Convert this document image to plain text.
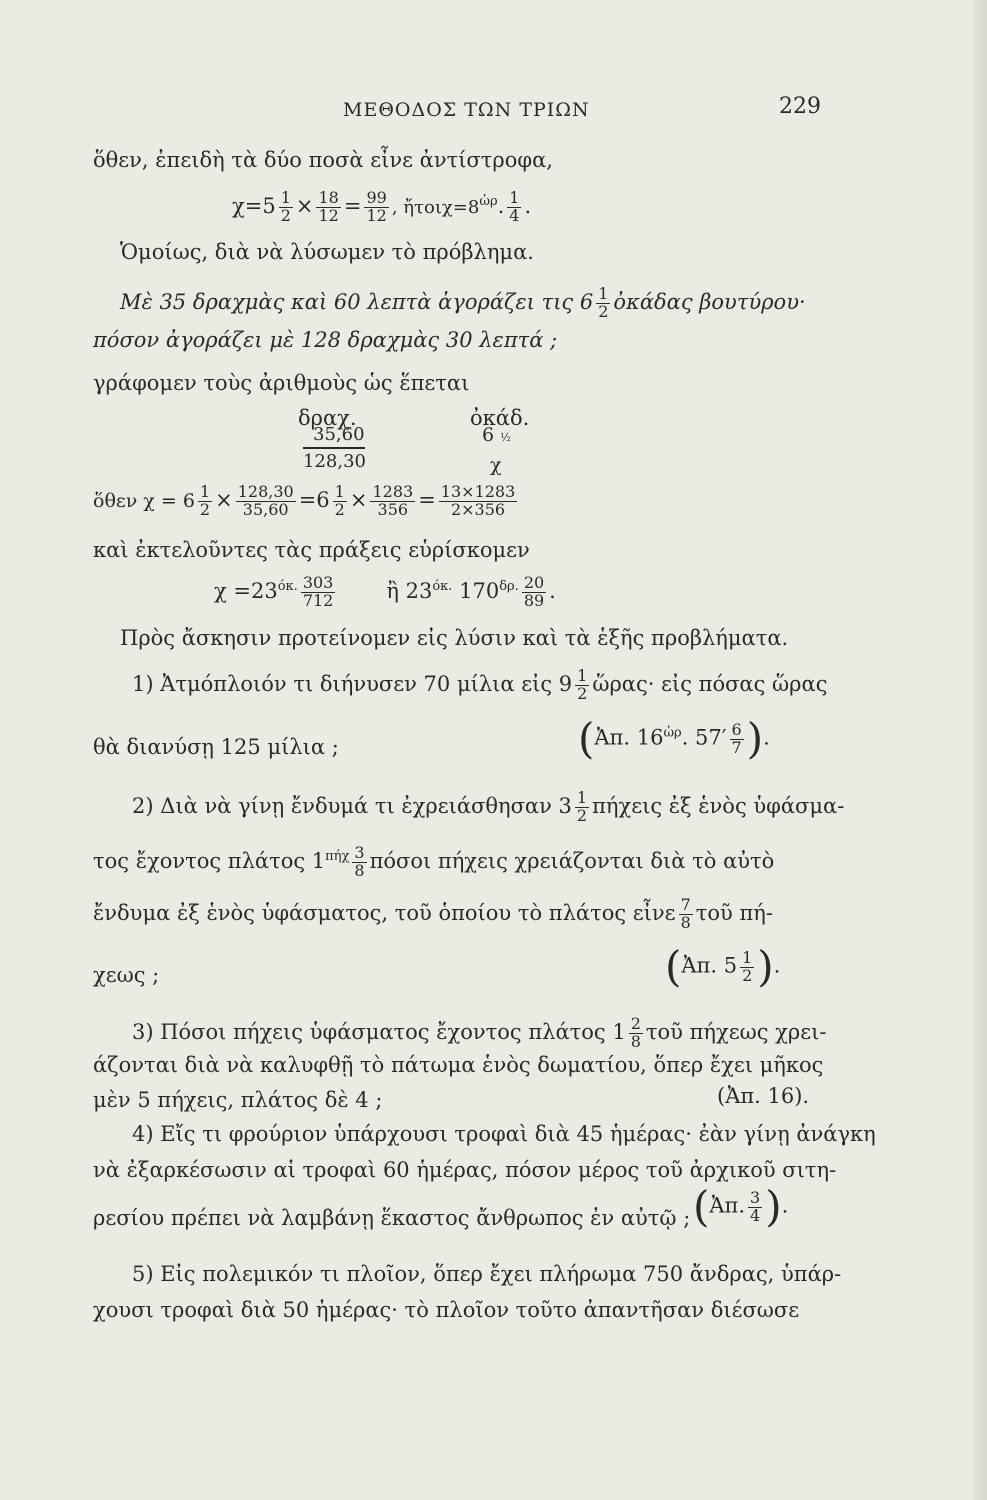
ΜΕΘΟΔΟΣ ΤΩΝ ΤΡΙΩΝ	229
ὅθεν, ἐπειδὴ τὰ δύο ποσὰ εἶνε ἀντίστροφα,
$\chi=5 \frac{1}{2} \times \frac{18}{12} = \frac{99}{12}$ , $ἤ\tau o\iota\chi=8^{ὡ\rho}$. $\frac{1}{4}$ .
Ὁμοίως, διὰ νὰ λύσωμεν τὸ πρόβλημα.
Μὲ 35 δραχμὰς καὶ 60 λεπτὰ ἀγοράζει τις $6 \frac{1}{2}$ ὀκάδας βουτύρου·
πόσον ἀγοράζει μὲ 128 δραχμὰς 30 λεπτά ;
γράφομεν τοὺς ἀριθμοὺς ὡς ἕπεται
δραχ.	ὀκάδ.
35,60	6 ½
128,30	χ
ὅθεν $\chi = 6 \frac{1}{2} \times \frac{128,30}{35,60} =6 \frac{1}{2} \times \frac{1283}{356} = \frac{13\times 1283}{2\times 356}$
καὶ ἐκτελοῦντες τὰς πράξεις εὑρίσκομεν
$\chi =23^{ό\kappa.} \frac{303}{712}$ ἢ $23^{ό\kappa.}$ $170^{\delta\rho.} \frac{20}{89}$ .
Πρὸς ἄσκησιν προτείνομεν εἰς λύσιν καὶ τὰ ἑξῆς προβλήματα.
1) Ἀτμόπλοιόν τι διήνυσεν 70 μίλια εἰς $9 \frac{1}{2}$ ὥρας· εἰς πόσας ὥρας
θὰ διανύσῃ 125 μίλια ;	(Ἀπ. $16^{ὡ\rho}$. $57' \frac{6}{7}$ ).
2) Διὰ νὰ γίνῃ ἔνδυμά τι ἐχρειάσθησαν $3 \frac{1}{2}$ πήχεις ἐξ ἑνὸς ὑφάσμα-
τος ἔχοντος πλάτος $1^{\pi ή\chi} \frac{3}{8}$ πόσοι πήχεις χρειάζονται διὰ τὸ αὐτὸ
ἔνδυμα ἐξ ἑνὸς ὑφάσματος, τοῦ ὁποίου τὸ πλάτος εἶνε $\frac{7}{8}$ τοῦ πή-
χεως ;	(Ἀπ. $5 \frac{1}{2}$ ).
3) Πόσοι πήχεις ὑφάσματος ἔχοντος πλάτος $1 \frac{2}{8}$ τοῦ πήχεως χρει-
άζονται διὰ νὰ καλυφθῇ τὸ πάτωμα ἑνὸς δωματίου, ὅπερ ἔχει μῆκος
μὲν 5 πήχεις, πλάτος δὲ 4 ;	(Ἀπ. 16).
4) Εἴς τι φρούριον ὑπάρχουσι τροφαὶ διὰ 45 ἡμέρας· ἐὰν γίνῃ ἀνάγκη
νὰ ἐξαρκέσωσιν αἱ τροφαὶ 60 ἡμέρας, πόσον μέρος τοῦ ἀρχικοῦ σιτη-
ρεσίου πρέπει νὰ λαμβάνῃ ἕκαστος ἄνθρωπος ἐν αὐτῷ ; (Ἀπ. $\frac{3}{4}$ ).
5) Εἰς πολεμικόν τι πλοῖον, ὅπερ ἔχει πλήρωμα 750 ἄνδρας, ὑπάρ-
χουσι τροφαὶ διὰ 50 ἡμέρας· τὸ πλοῖον τοῦτο ἀπαντῆσαν διέσωσε
